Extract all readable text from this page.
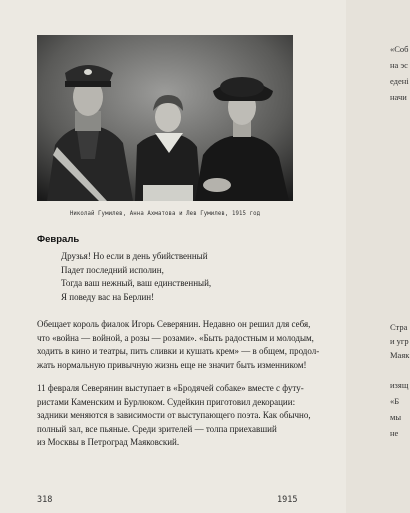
Николай Гумилев, Анна Ахматова и Лев Гумилев, 1915 год
Февраль
Друзья! Но если в день убийственный
Падет последний исполин,
Тогда ваш нежный, ваш единственный,
Я поведу вас на Берлин!
Обещает король фиалок Игорь Северянин. Недавно он решил для себя,
что «война — войной, а розы — розами». «Быть радостным и молодым,
ходить в кино и театры, пить сливки и кушать крем» — в общем, продол-
жать нормальную привычную жизнь еще не значит быть изменником!
11 февраля Северянин выступает в «Бродячей собаке» вместе с футу-
ристами Каменским и Бурлюком. Судейкин приготовил декорации:
задники меняются в зависимости от выступающего поэта. Как обычно,
полный зал, все пьяные. Среди зрителей — толпа приехавший
из Москвы в Петроград Маяковский.
318	1915
«Соб
на эс
едені
начи
Стра
и угр
Маяк
изящ
«Б
мы
не
